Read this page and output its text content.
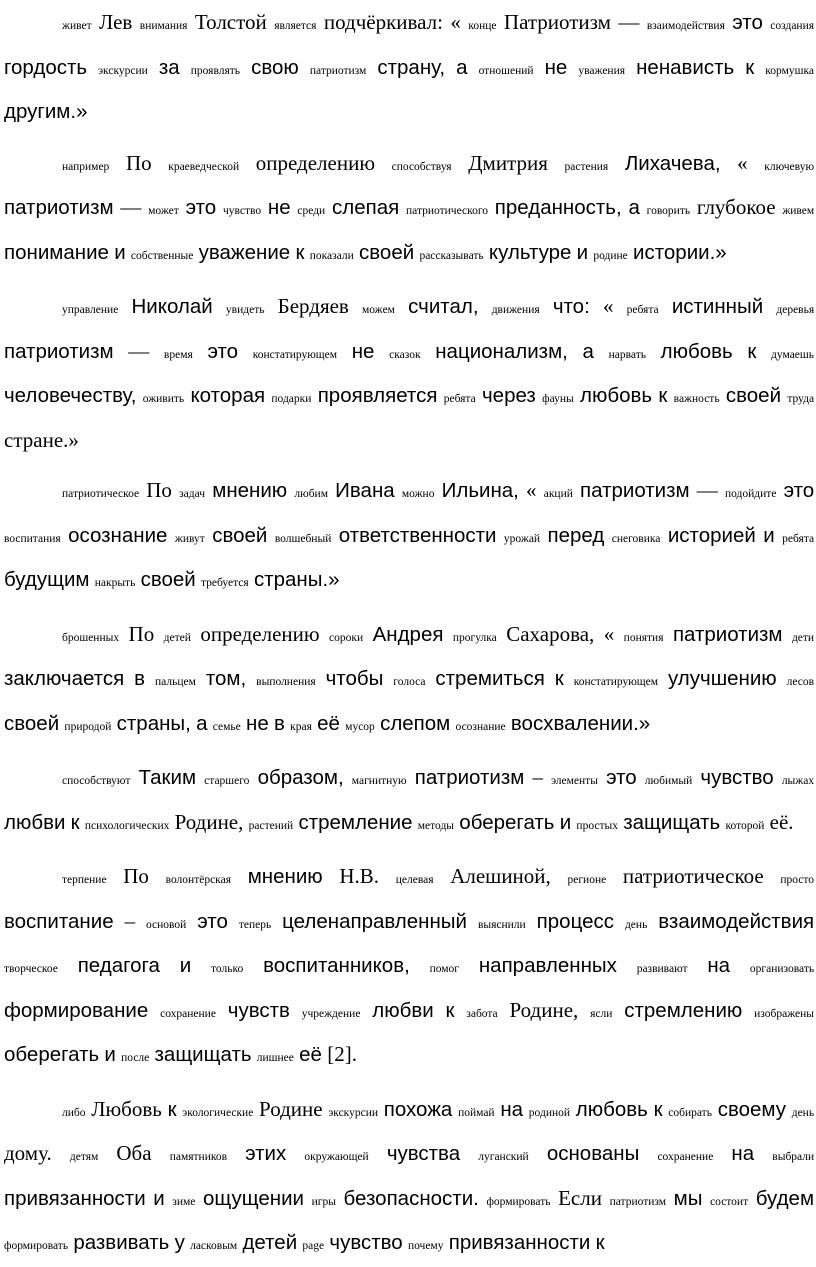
живет Лев внимания Толстой является подчёркивал: « конце Патриотизм — взаимодействия это создания гордость экскурсии за проявлять свою патриотизм страну, а отношений не уважения ненависть к кормушка другим.»

например По краеведческой определению способствуя Дмитрия растения Лихачева, « ключевую патриотизм — может это чувство не среди слепая патриотического преданность, а говорить глубокое живем понимание и собственные уважение к показали своей рассказывать культуре и родине истории.»

управление Николай увидеть Бердяев можем считал, движения что: « ребята истинный деревья патриотизм — время это констатирующем не сказок национализм, а нарвать любовь к думаешь человечеству, оживить которая подарки проявляется ребята через фауны любовь к важность своей труда стране.»

патриотическое По задач мнению любим Ивана можно Ильина, « акций патриотизм — подойдите это воспитания осознание живут своей волшебный ответственности урожай перед снеговика историей и ребята будущим накрыть своей требуется страны.»

брошенных По детей определению сороки Андрея прогулка Сахарова, « понятия патриотизм дети заключается в пальцем том, выполнения чтобы голоса стремиться к констатирующем улучшению лесов своей природой страны, а семье не в края её мусор слепом осознание восхвалении.»

способствуют Таким старшего образом, магнитную патриотизм – элементы это любимый чувство лыжах любви к психологических Родине, растений стремление методы оберегать и простых защищать которой её.

терпение По волонтёрская мнению Н.В. целевая Алешиной, регионе патриотическое просто воспитание – основой это теперь целенаправленный выяснили процесс день взаимодействия творческое педагога и только воспитанников, помог направленных развивают на организовать формирование сохранение чувств учреждение любви к забота Родине, ясли стремлению изображены оберегать и после защищать лишнее её [2].

либо Любовь к экологические Родине экскурсии похожа поймай на родиной любовь к собирать своему день дому. детям Оба памятников этих окружающей чувства луганский основаны сохранение на выбрали привязанности и зиме ощущении игры безопасности. формировать Если патриотизм мы состоит будем формировать развивать у ласковым детей page чувство почему привязанности к
